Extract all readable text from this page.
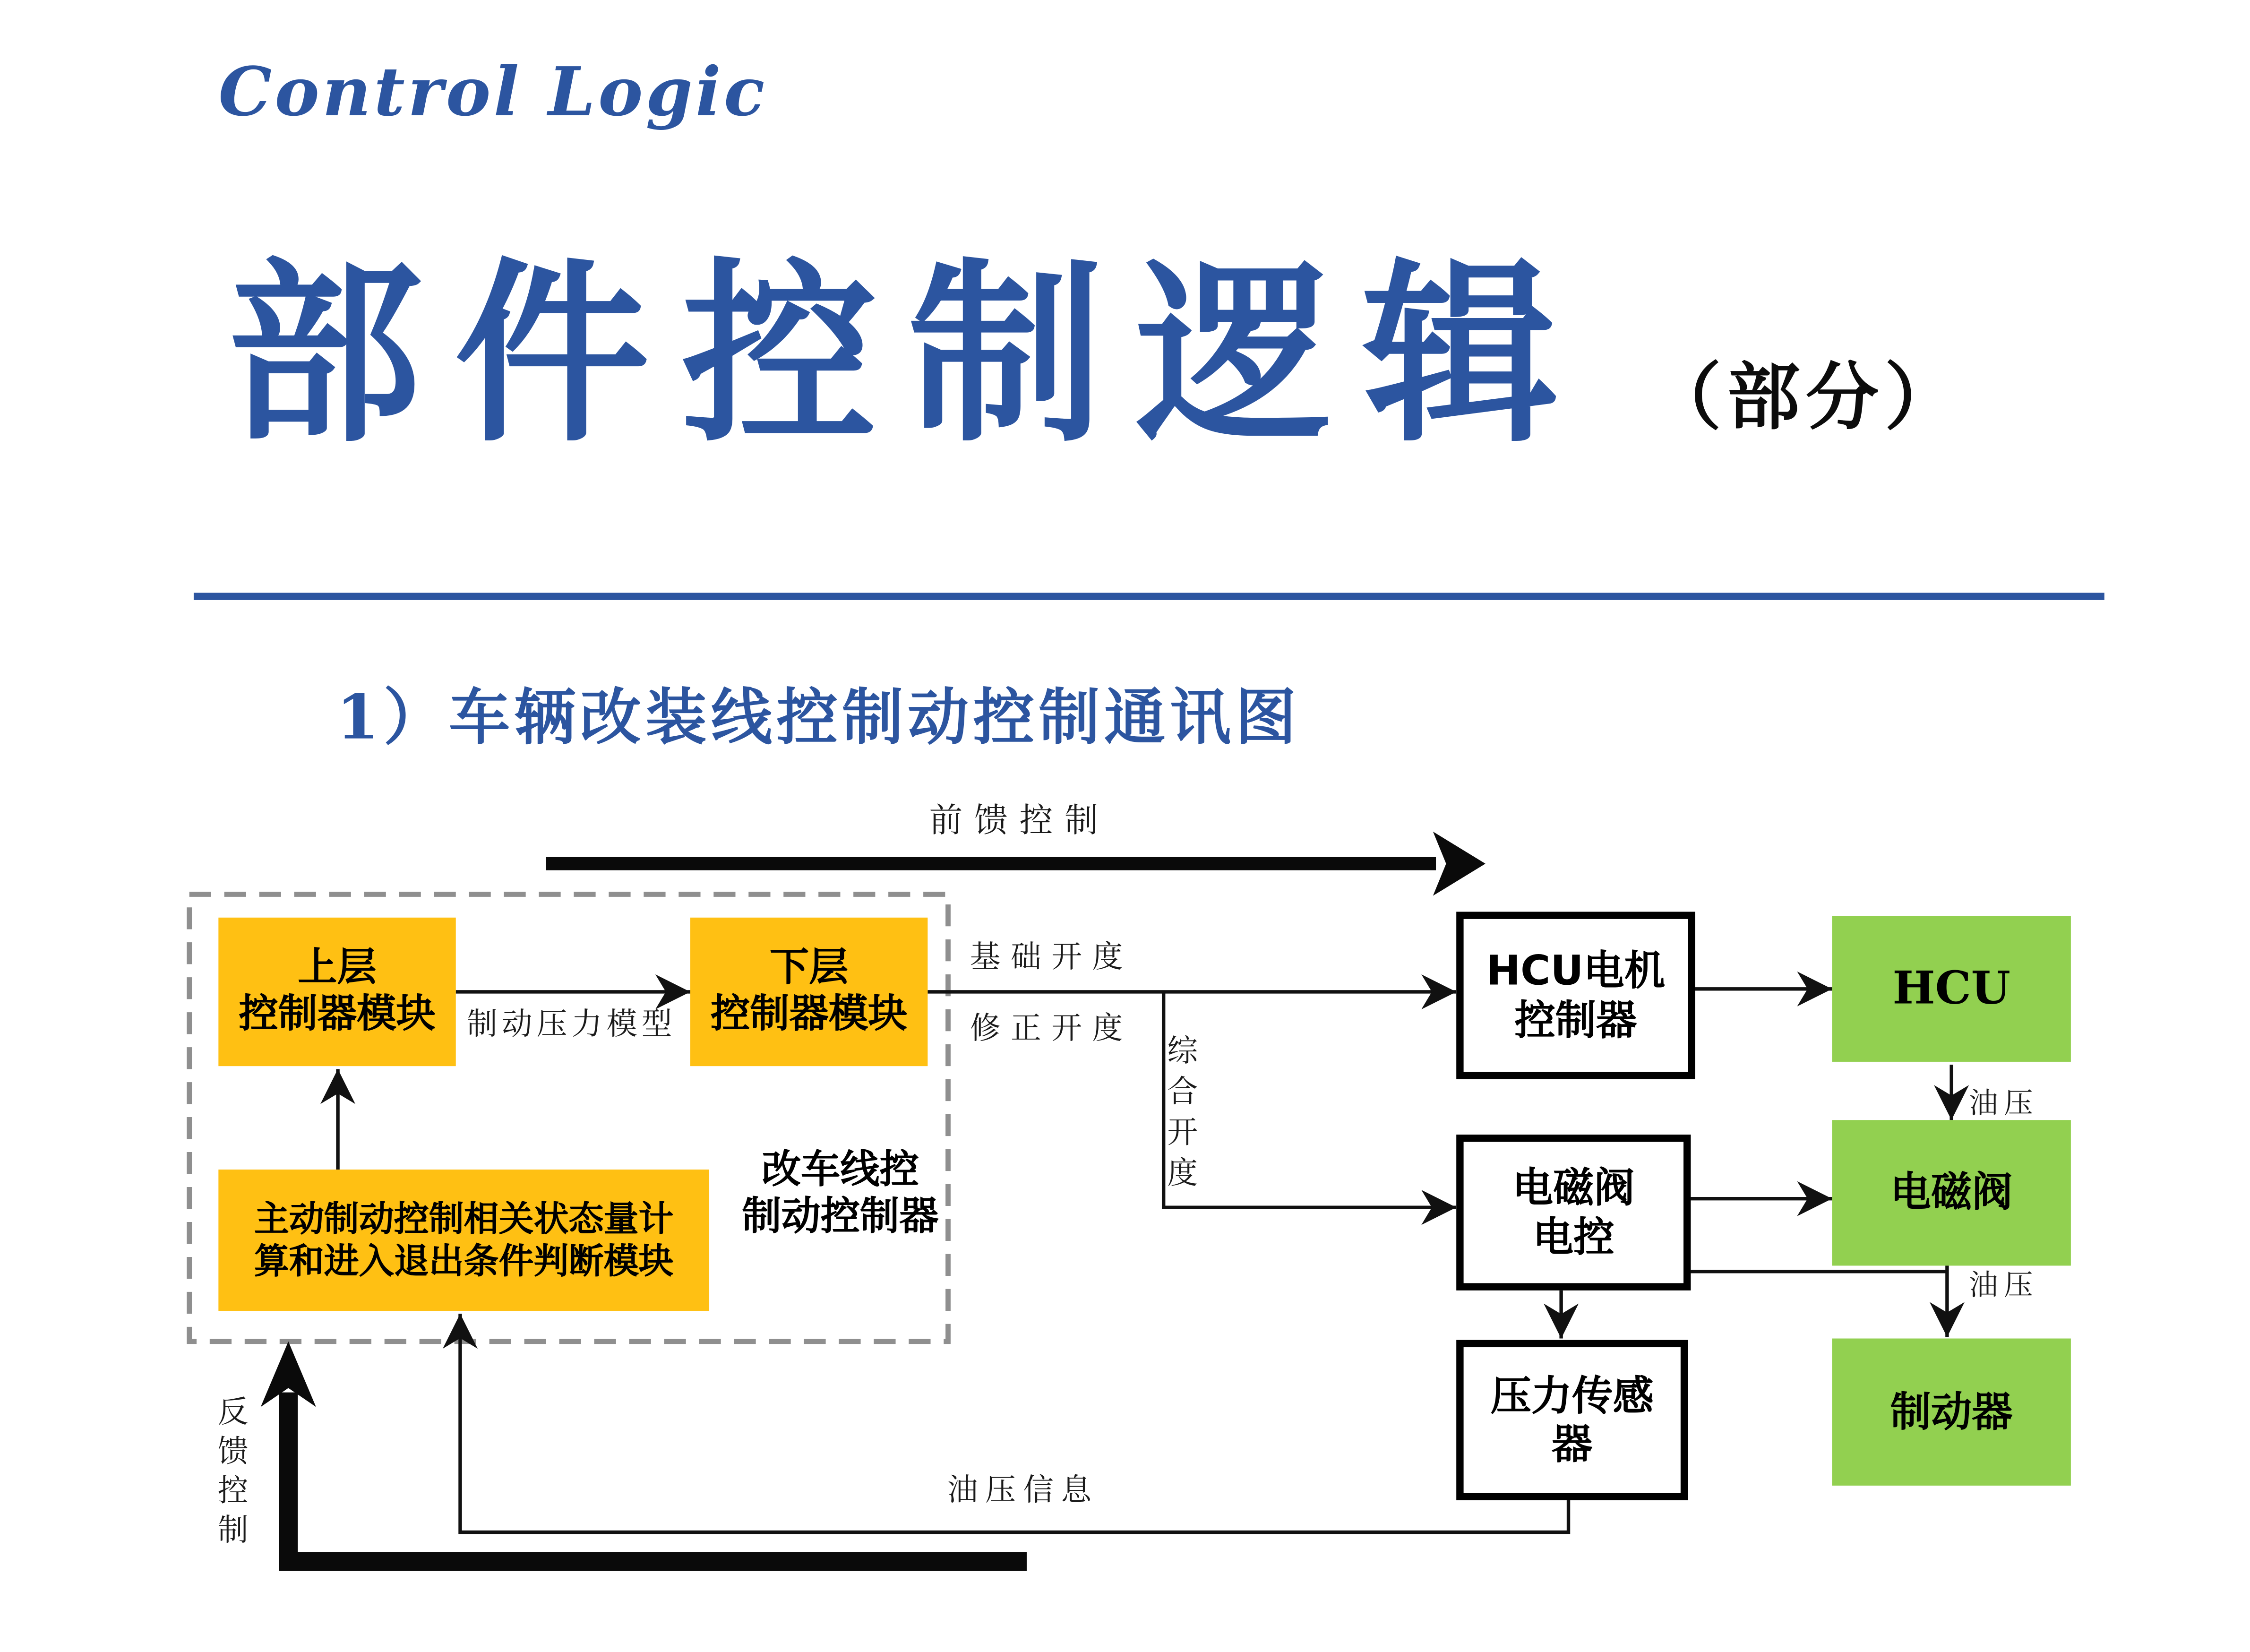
Control Logic
部件控制逻辑 （部分）
1）车辆改装线控制动控制通讯图
上层
控制器模块
下层
控制器模块
主动制动控制相关状态量计
算和进入退出条件判断模块
HCU电机
控制器
HCU
电磁阀
电控
电磁阀
压力传感
器
制动器
改车线控
制动控制器
前馈控制
制动压力模型
基础开度
修正开度
综合开度	油压
油压
油压信息
反馈控制
